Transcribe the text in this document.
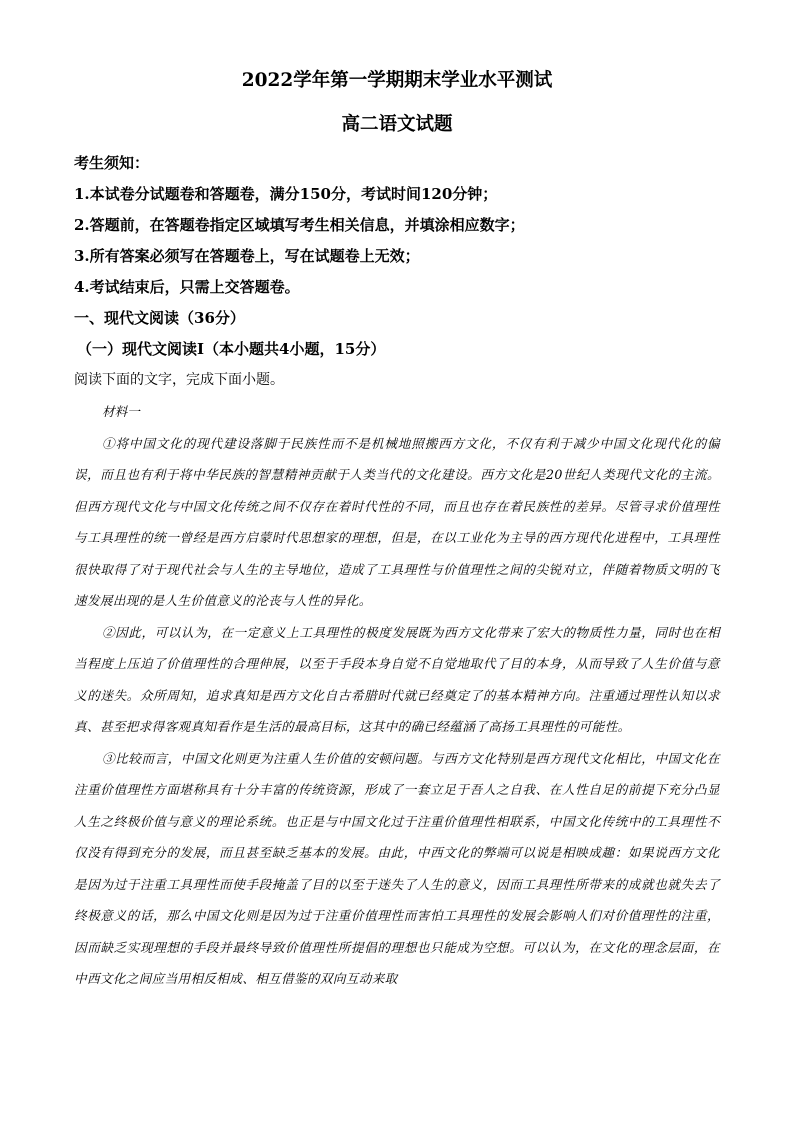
2022学年第一学期期末学业水平测试
高二语文试题
考生须知：
1.本试卷分试题卷和答题卷，满分150分，考试时间120分钟；
2.答题前，在答题卷指定区域填写考生相关信息，并填涂相应数字；
3.所有答案必须写在答题卷上，写在试题卷上无效；
4.考试结束后，只需上交答题卷。
一、现代文阅读（36分）
（一）现代文阅读Ⅰ（本小题共4小题，15分）
阅读下面的文字，完成下面小题。
材料一

①将中国文化的现代建设落脚于民族性而不是机械地照搬西方文化，不仅有利于减少中国文化现代化的偏误，而且也有利于将中华民族的智慧精神贡献于人类当代的文化建设。西方文化是20世纪人类现代文化的主流。但西方现代文化与中国文化传统之间不仅存在着时代性的不同，而且也存在着民族性的差异。尽管寻求价值理性与工具理性的统一曾经是西方启蒙时代思想家的理想，但是，在以工业化为主导的西方现代化进程中，工具理性很快取得了对于现代社会与人生的主导地位，造成了工具理性与价值理性之间的尖锐对立，伴随着物质文明的飞速发展出现的是人生价值意义的沦丧与人性的异化。

②因此，可以认为，在一定意义上工具理性的极度发展既为西方文化带来了宏大的物质性力量，同时也在相当程度上压迫了价值理性的合理伸展，以至于手段本身自觉不自觉地取代了目的本身，从而导致了人生价值与意义的迷失。众所周知，追求真知是西方文化自古希腊时代就已经奠定了的基本精神方向。注重通过理性认知以求真、甚至把求得客观真知看作是生活的最高目标，这其中的确已经蕴涵了高扬工具理性的可能性。

③比较而言，中国文化则更为注重人生价值的安顿问题。与西方文化特别是西方现代文化相比，中国文化在注重价值理性方面堪称具有十分丰富的传统资源，形成了一套立足于吾人之自我、在人性自足的前提下充分凸显人生之终极价值与意义的理论系统。也正是与中国文化过于注重价值理性相联系，中国文化传统中的工具理性不仅没有得到充分的发展，而且甚至缺乏基本的发展。由此，中西文化的弊端可以说是相映成趣：如果说西方文化是因为过于注重工具理性而使手段掩盖了目的以至于迷失了人生的意义，因而工具理性所带来的成就也就失去了终极意义的话，那么中国文化则是因为过于注重价值理性而害怕工具理性的发展会影响人们对价值理性的注重，因而缺乏实现理想的手段并最终导致价值理性所提倡的理想也只能成为空想。可以认为，在文化的理念层面，在中西文化之间应当用相反相成、相互借鉴的双向互动来取
